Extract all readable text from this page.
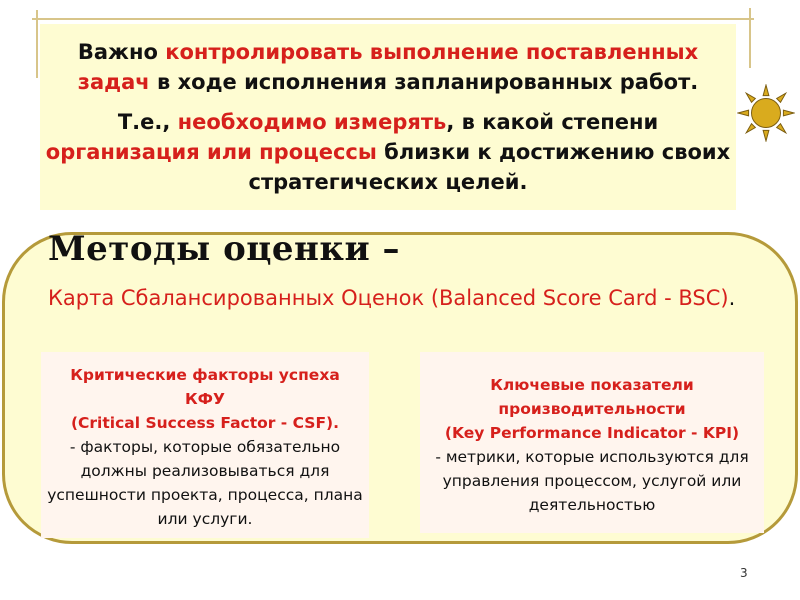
Важно контролировать выполнение поставленных задач в ходе исполнения запланированных работ.
Т.е., необходимо измерять, в какой степени организация или процессы близки к достижению своих стратегических целей.
Методы оценки –
Карта Сбалансированных Оценок (Balanced Score Card - BSC).
Критические факторы успеха
КФУ
(Critical Success Factor - CSF).
- факторы, которые обязательно должны реализовываться для успешности проекта, процесса, плана или услуги.
Ключевые показатели
производительности
(Key Performance Indicator - KPI)
- метрики, которые используются для управления процессом, услугой или деятельностью
3
